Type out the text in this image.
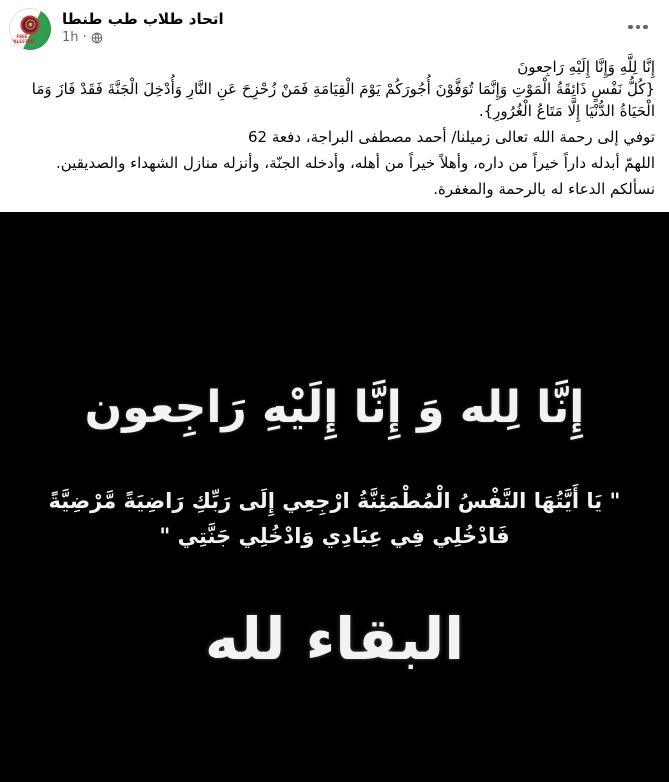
FREE PALESTINE
اتحاد طلاب طب طنطا
1h ·
إِنَّا لِلَّهِ وَإِنَّا إِلَيْهِ رَاجِعونَ
{كُلُّ نَفْسٍ ذَائِقَةُ الْمَوْتِ وَإِنَّمَا تُوَفَّوْنَ أُجُورَكُمْ يَوْمَ الْقِيَامَةِ فَمَنْ زُحْزِحَ عَنِ النَّارِ وَأُدْخِلَ الْجَنَّةَ فَقَدْ فَازَ وَمَا الْحَيَاةُ الدُّنْيَا إِلَّا مَتَاعُ الْغُرُورِ}.
توفي إلى رحمة الله تعالى زميلنا/ أحمد مصطفى البراجة، دفعة 62
اللهمّ أبدله داراً خيراً من داره، وأهلاً خيراً من أهله، وأدخله الجنّة، وأنزله منازل الشهداء والصديقين.
نسألكم الدعاء له بالرحمة والمغفرة.
إِنَّا لِله وَ إِنَّا إِلَيْهِ رَاجِعون
" يَا أَيَّتُهَا النَّفْسُ الْمُطْمَئِنَّةُ ارْجِعِي إِلَى رَبِّكِ رَاضِيَةً مَّرْضِيَّةً
فَادْخُلِي فِي عِبَادِي وَادْخُلِي جَنَّتِي "
البقاء لله
